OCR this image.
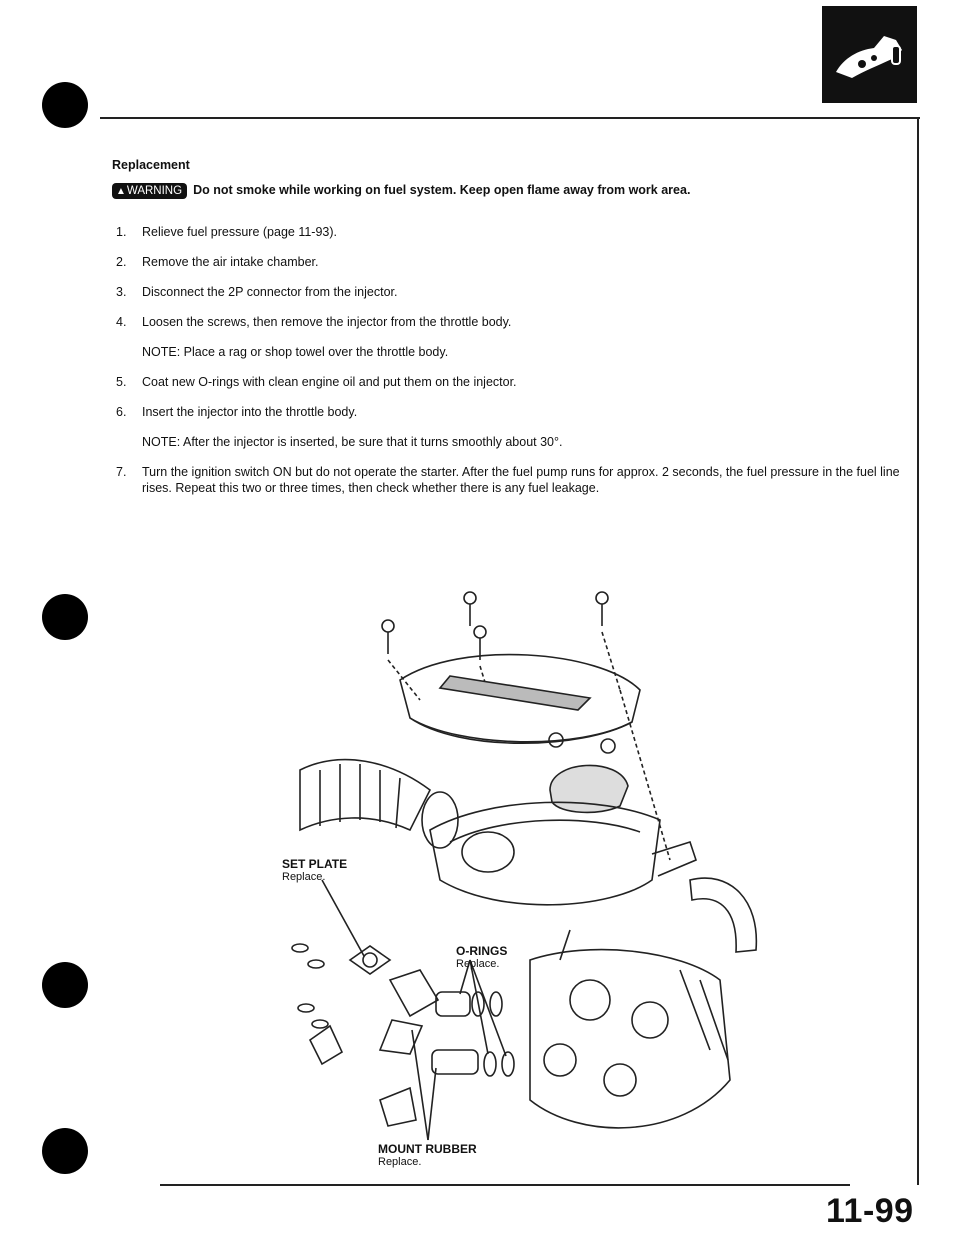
Replacement
▲WARNING Do not smoke while working on fuel system. Keep open flame away from work area.
1. Relieve fuel pressure (page 11-93).
2. Remove the air intake chamber.
3. Disconnect the 2P connector from the injector.
4. Loosen the screws, then remove the injector from the throttle body.
NOTE: Place a rag or shop towel over the throttle body.
5. Coat new O-rings with clean engine oil and put them on the injector.
6. Insert the injector into the throttle body.
NOTE: After the injector is inserted, be sure that it turns smoothly about 30°.
7. Turn the ignition switch ON but do not operate the starter. After the fuel pump runs for approx. 2 seconds, the fuel pressure in the fuel line rises. Repeat this two or three times, then check whether there is any fuel leakage.
SET PLATE
Replace.
O-RINGS
Replace.
MOUNT RUBBER
Replace.
11-99
